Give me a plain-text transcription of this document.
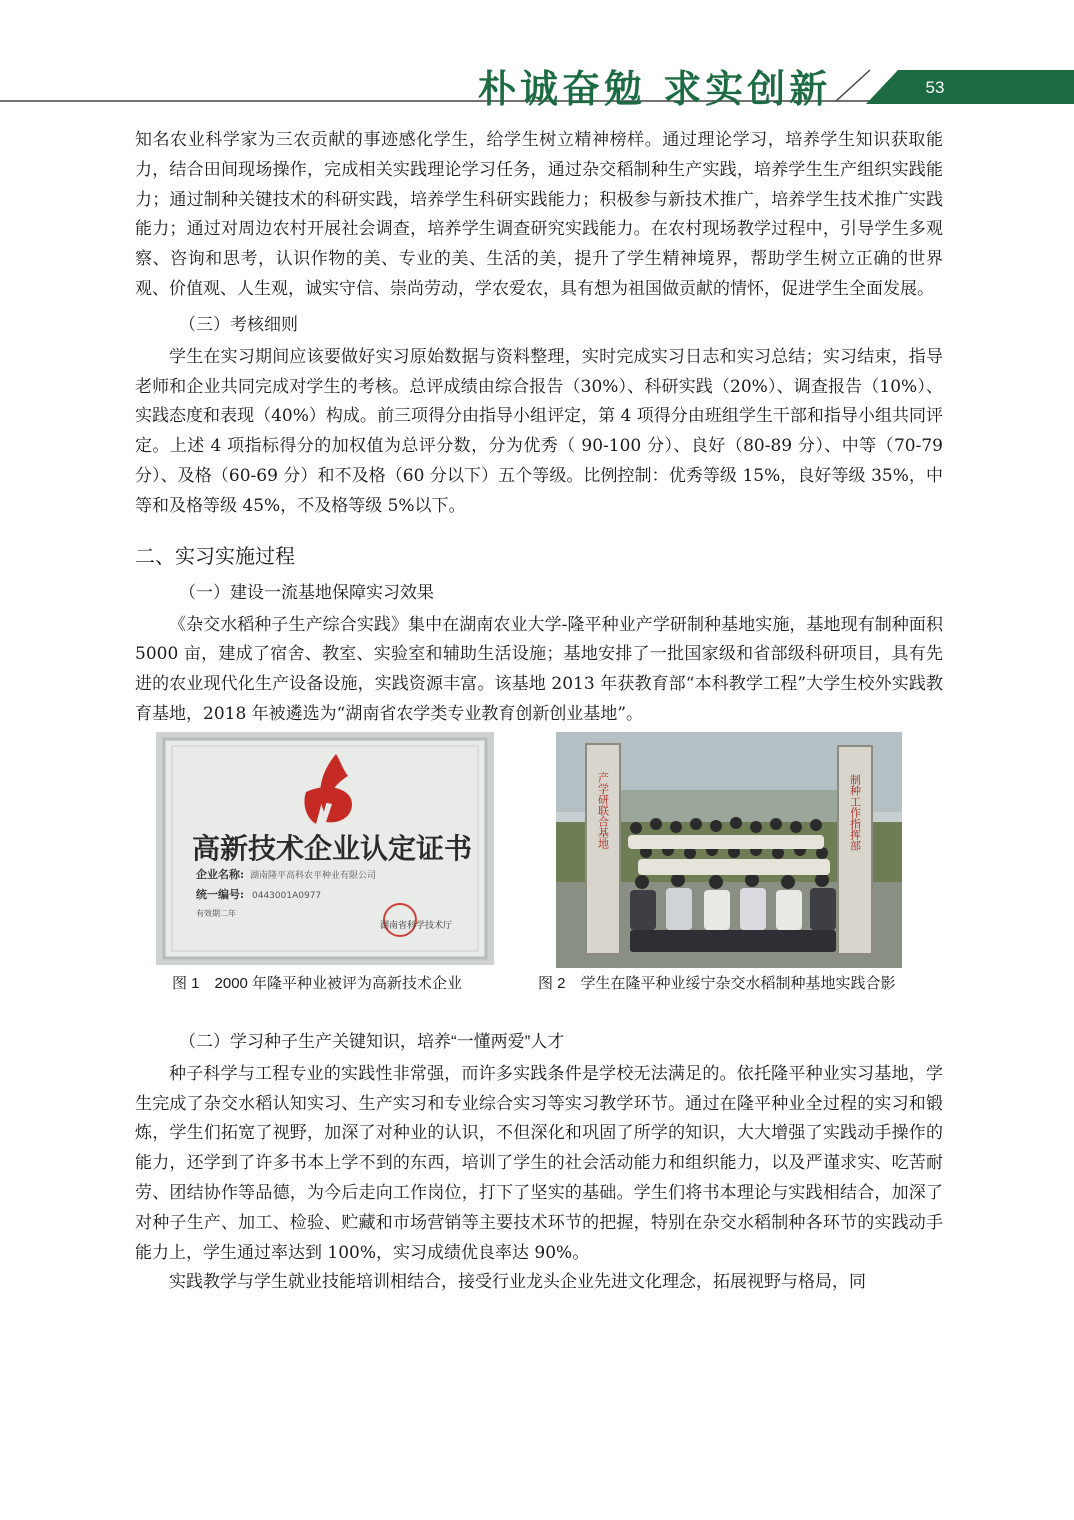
朴诚奋勉 求实创新	53

知名农业科学家为三农贡献的事迹感化学生，给学生树立精神榜样。通过理论学习，培养学生知识获取能力，结合田间现场操作，完成相关实践理论学习任务，通过杂交稻制种生产实践，培养学生生产组织实践能力；通过制种关键技术的科研实践，培养学生科研实践能力；积极参与新技术推广，培养学生技术推广实践能力；通过对周边农村开展社会调查，培养学生调查研究实践能力。在农村现场教学过程中，引导学生多观察、咨询和思考，认识作物的美、专业的美、生活的美，提升了学生精神境界，帮助学生树立正确的世界观、价值观、人生观，诚实守信、崇尚劳动，学农爱农，具有想为祖国做贡献的情怀，促进学生全面发展。

（三）考核细则

学生在实习期间应该要做好实习原始数据与资料整理，实时完成实习日志和实习总结；实习结束，指导老师和企业共同完成对学生的考核。总评成绩由综合报告（30%）、科研实践（20%）、调查报告（10%）、实践态度和表现（40%）构成。前三项得分由指导小组评定，第 4 项得分由班组学生干部和指导小组共同评定。上述 4 项指标得分的加权值为总评分数，分为优秀（ 90-100 分）、良好（80-89 分）、中等（70-79 分）、及格（60-69 分）和不及格（60 分以下）五个等级。比例控制：优秀等级 15%，良好等级 35%，中等和及格等级 45%，不及格等级 5%以下。

二、实习实施过程
（一）建设一流基地保障实习效果

《杂交水稻种子生产综合实践》集中在湖南农业大学-隆平种业产学研制种基地实施，基地现有制种面积 5000 亩，建成了宿舍、教室、实验室和辅助生活设施；基地安排了一批国家级和省部级科研项目，具有先进的农业现代化生产设备设施，实践资源丰富。该基地 2013 年获教育部“本科教学工程”大学生校外实践教育基地，2018 年被遴选为“湖南省农学类专业教育创新创业基地”。

高新技术企业认定证书
企业名称: 湖南隆平高科农平种业有限公司
统一编号: 0443001A0977
有效期二年
湖南省科学技术厅
产学研联合基地	制种工作指挥部
图 1　2000 年隆平种业被评为高新技术企业	图 2　学生在隆平种业绥宁杂交水稻制种基地实践合影
（二）学习种子生产关键知识，培养“一懂两爱”人才

种子科学与工程专业的实践性非常强，而许多实践条件是学校无法满足的。依托隆平种业实习基地，学生完成了杂交水稻认知实习、生产实习和专业综合实习等实习教学环节。通过在隆平种业全过程的实习和锻炼，学生们拓宽了视野，加深了对种业的认识，不但深化和巩固了所学的知识，大大增强了实践动手操作的能力，还学到了许多书本上学不到的东西，培训了学生的社会活动能力和组织能力，以及严谨求实、吃苦耐劳、团结协作等品德，为今后走向工作岗位，打下了坚实的基础。学生们将书本理论与实践相结合，加深了对种子生产、加工、检验、贮藏和市场营销等主要技术环节的把握，特别在杂交水稻制种各环节的实践动手能力上，学生通过率达到 100%，实习成绩优良率达 90%。

实践教学与学生就业技能培训相结合，接受行业龙头企业先进文化理念，拓展视野与格局，同
